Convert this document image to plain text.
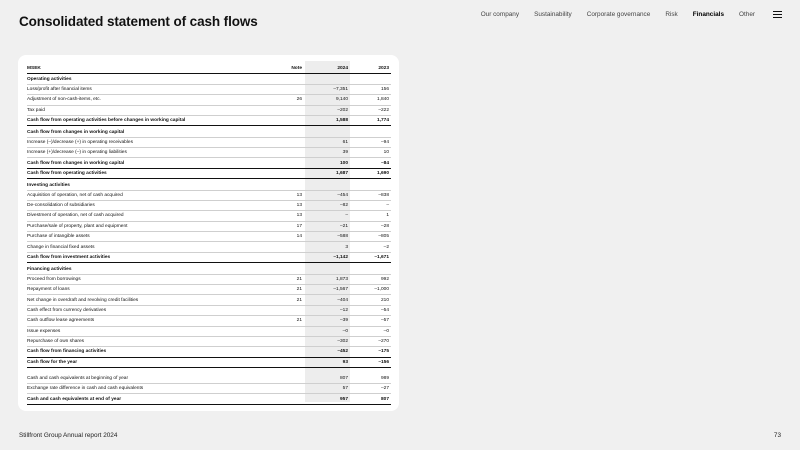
Consolidated statement of cash flows	Our company Sustainability Corporate governance Risk Financials Other
MSEK	Note	2024	2023
Operating activities			
Loss/profit after financial items		–7,351	156
Adjustment of non-cash-items, etc.	26	9,140	1,840
Tax paid		–202	–222
Cash flow from operating activities before changes in working capital		1,588	1,774
Cash flow from changes in working capital			
Increase (–)/decrease (+) in operating receivables		61	–94
Increase (+)/decrease (–) in operating liabilities		39	10
Cash flow from changes in working capital		100	–84
Cash flow from operating activities		1,687	1,690
Investing activities			
Acquisition of operation, net of cash acquired	13	–454	–838
De-consolidation of subsidiaries	13	–82	–
Divestment of operation, net of cash acquired	13	–	1
Purchase/sale of property, plant and equipment	17	–21	–28
Purchase of intangible assets	14	–588	–805
Change in financial fixed assets		3	–2
Cash flow from investment activities		–1,142	–1,671
Financing activities			
Proceed from borrowings	21	1,873	992
Repayment of loans	21	–1,567	–1,000
Net change in overdraft and revolving credit facilities	21	–404	210
Cash effect from currency derivatives		–12	–54
Cash outflow lease agreements	21	–39	–57
Issue expenses		–0	–0
Repurchase of own shares		–302	–270
Cash flow from financing activities		–452	–175
Cash flow for the year		93	–156

Cash and cash equivalents at beginning of year		807	989
Exchange rate difference in cash and cash equivalents		57	–27
Cash and cash equivalents at end of year		957	807
Stillfront Group Annual report 2024	73
